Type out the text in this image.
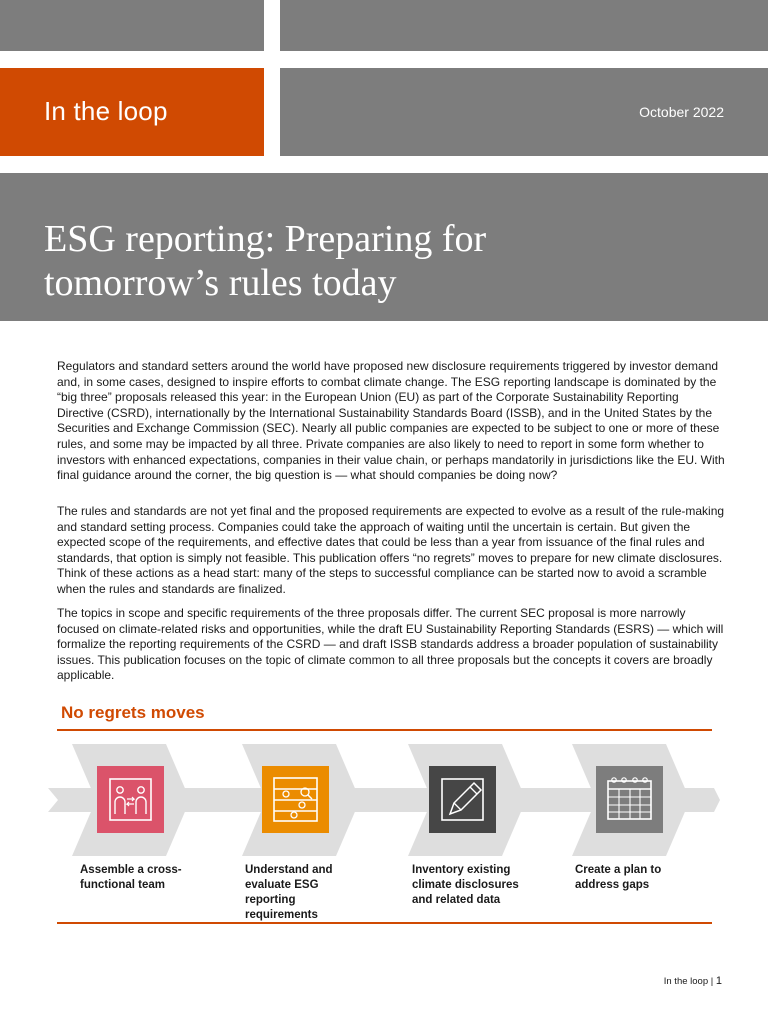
In the loop	October 2022
ESG reporting: Preparing for
tomorrow’s rules today

Regulators and standard setters around the world have proposed new disclosure requirements triggered by investor demand and, in some cases, designed to inspire efforts to combat climate change. The ESG reporting landscape is dominated by the “big three” proposals released this year: in the European Union (EU) as part of the Corporate Sustainability Reporting Directive (CSRD), internationally by the International Sustainability Standards Board (ISSB), and in the United States by the Securities and Exchange Commission (SEC). Nearly all public companies are expected to be subject to one or more of these rules, and some may be impacted by all three. Private companies are also likely to need to report in some form whether to investors with enhanced expectations, companies in their value chain, or perhaps mandatorily in jurisdictions like the EU. With final guidance around the corner, the big question is — what should companies be doing now?

The rules and standards are not yet final and the proposed requirements are expected to evolve as a result of the rule-making and standard setting process. Companies could take the approach of waiting until the uncertain is certain. But given the expected scope of the requirements, and effective dates that could be less than a year from issuance of the final rules and standards, that option is simply not feasible. This publication offers “no regrets” moves to prepare for new climate disclosures. Think of these actions as a head start: many of the steps to successful compliance can be started now to avoid a scramble when the rules and standards are finalized.

The topics in scope and specific requirements of the three proposals differ. The current SEC proposal is more narrowly focused on climate-related risks and opportunities, while the draft EU Sustainability Reporting Standards (ESRS) — which will formalize the reporting requirements of the CSRD — and draft ISSB standards address a broader population of sustainability issues. This publication focuses on the topic of climate common to all three proposals but the concepts it covers are broadly applicable.

No regrets moves

Assemble a cross-
functional team

Understand and
evaluate ESG
reporting
requirements

Inventory existing
climate disclosures
and related data

Create a plan to
address gaps

In the loop | 1
